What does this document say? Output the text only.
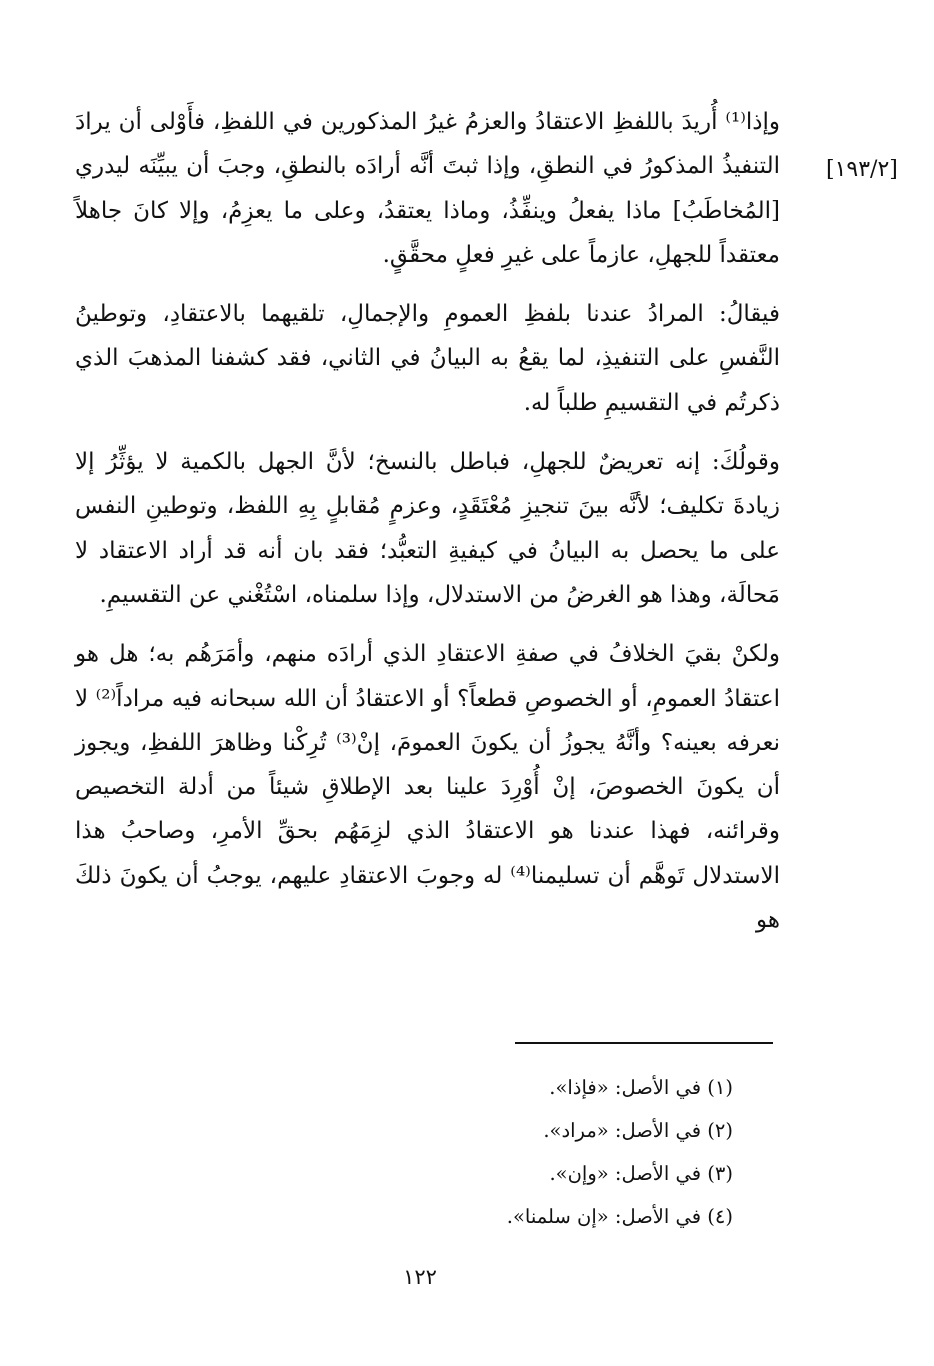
[١٩٣/٢]

وإذا⁽¹⁾ أُريدَ باللفظِ الاعتقادُ والعزمُ غيرُ المذكورين في اللفظِ، فأَوْلى أن يرادَ التنفيذُ المذكورُ في النطقِ، وإذا ثبتَ أنَّه أرادَه بالنطقِ، وجبَ أن يبيِّنَه ليدري [المُخاطَبُ] ماذا يفعلُ وينفِّذُ، وماذا يعتقدُ، وعلى ما يعزِمُ، وإلا كانَ جاهلاً معتقداً للجهلِ، عازماً على غيرِ فعلٍ محقَّقٍ.

فيقالُ: المرادُ عندنا بلفظِ العمومِ والإجمالِ، تلقيهما بالاعتقادِ، وتوطينُ النَّفسِ على التنفيذِ، لما يقعُ به البيانُ في الثاني، فقد كشفنا المذهبَ الذي ذكرتُم في التقسيمِ طلباً له.

وقولُكَ: إنه تعريضٌ للجهلِ، فباطل بالنسخ؛ لأنَّ الجهل بالكمية لا يؤثِّرُ إلا زيادةَ تكليف؛ لأنَّه بينَ تنجيزِ مُعْتَقَدٍ، وعزمٍ مُقابلٍ بِهِ اللفظ، وتوطينِ النفس على ما يحصل به البيانُ في كيفيةِ التعبُّد؛ فقد بان أنه قد أراد الاعتقاد لا مَحالَة، وهذا هو الغرضُ من الاستدلال، وإذا سلمناه، اسْتُغْني عن التقسيمِ.

ولكنْ بقيَ الخلافُ في صفةِ الاعتقادِ الذي أرادَه منهم، وأمَرَهُم به؛ هل هو اعتقادُ العمومِ، أو الخصوصِ قطعاً؟ أو الاعتقادُ أن الله سبحانه فيه مراداً⁽²⁾ لا نعرفه بعينه؟ وأنَّهُ يجوزُ أن يكونَ العمومَ، إنْ⁽³⁾ تُرِكْنا وظاهرَ اللفظِ، ويجوز أن يكونَ الخصوصَ، إنْ أُوْرِدَ علينا بعد الإطلاقِ شيئاً من أدلة التخصيص وقرائنه، فهذا عندنا هو الاعتقادُ الذي لزِمَهُم بحقِّ الأمرِ، وصاحبُ هذا الاستدلال تَوهَّم أن تسليمنا⁽⁴⁾ له وجوبَ الاعتقادِ عليهم، يوجبُ أن يكونَ ذلكَ هو

(١) في الأصل: «فإذا».

(٢) في الأصل: «مراد».

(٣) في الأصل: «وإن».

(٤) في الأصل: «إن سلمنا».

١٢٢
